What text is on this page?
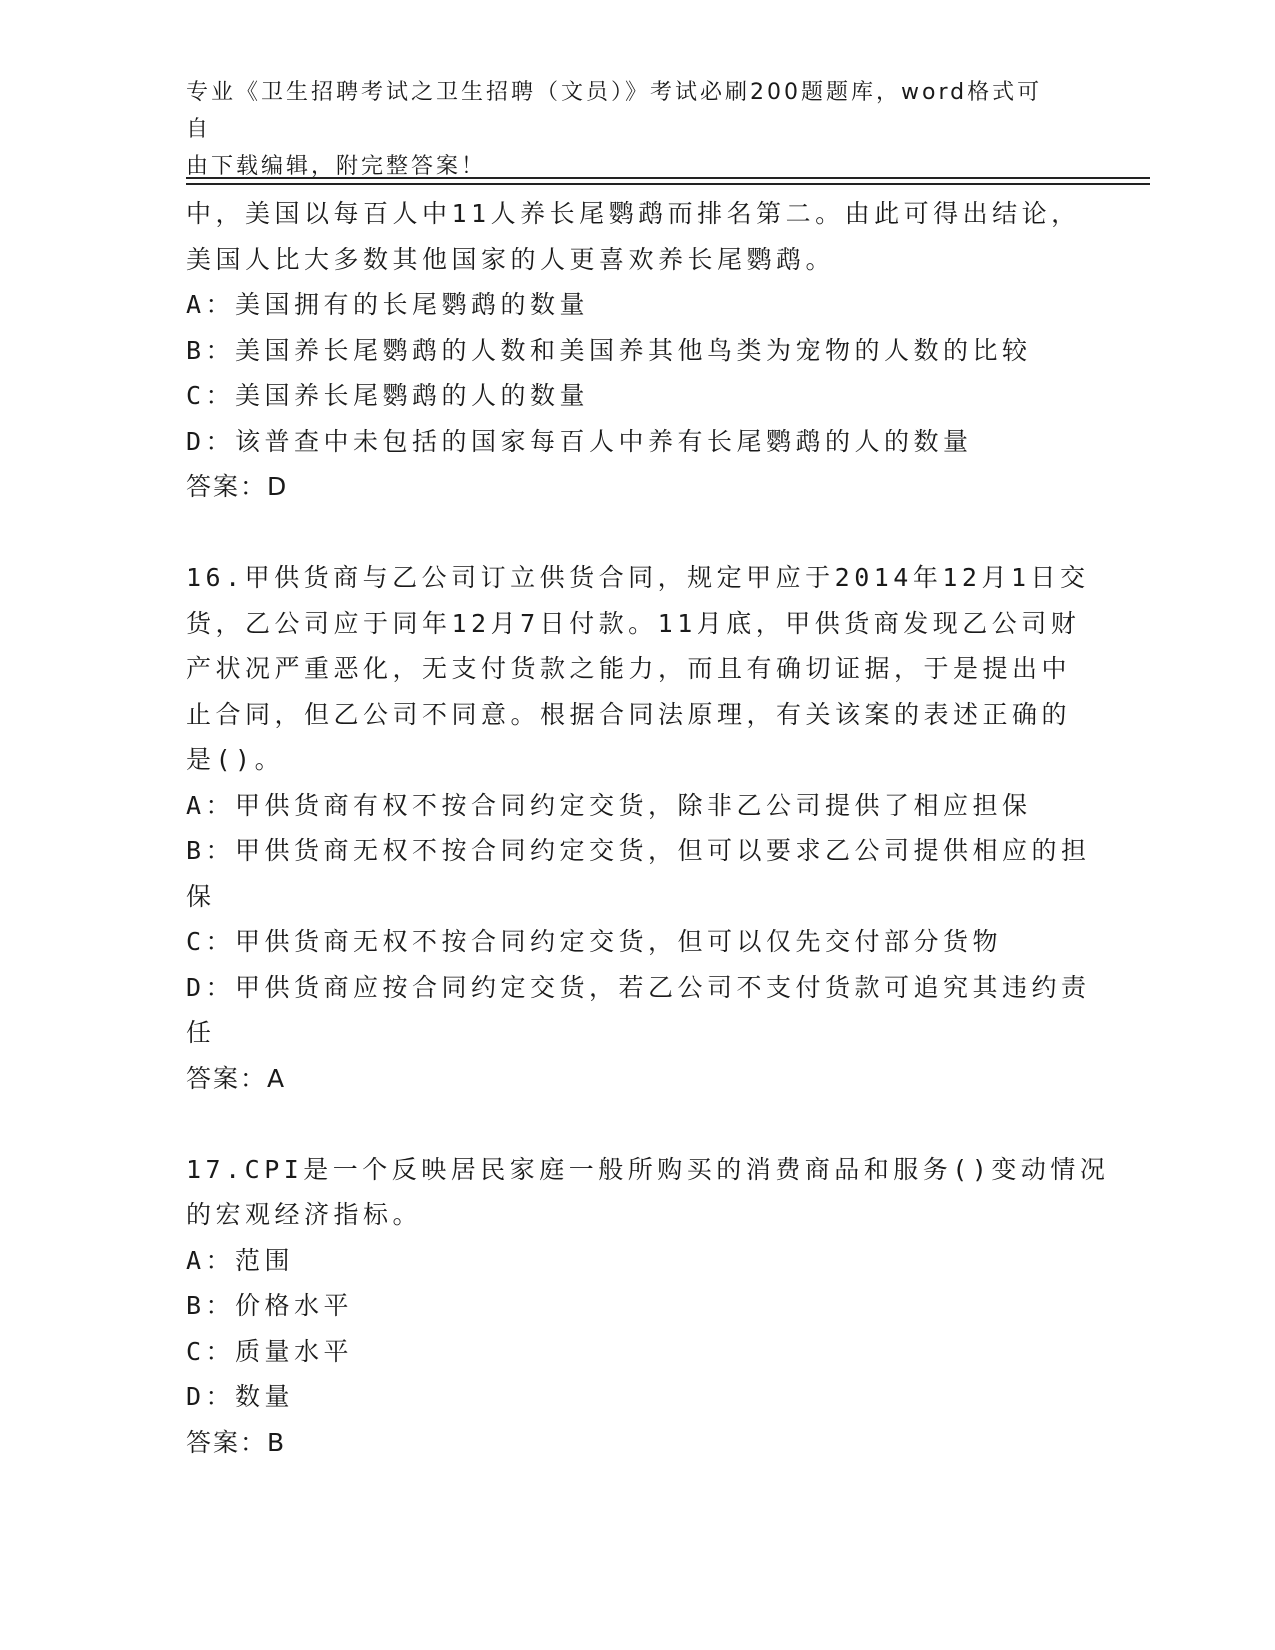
专业《卫生招聘考试之卫生招聘（文员）》考试必刷200题题库，word格式可自
由下载编辑，附完整答案！
中，美国以每百人中11人养长尾鹦鹉而排名第二。由此可得出结论，
美国人比大多数其他国家的人更喜欢养长尾鹦鹉。
A：美国拥有的长尾鹦鹉的数量
B：美国养长尾鹦鹉的人数和美国养其他鸟类为宠物的人数的比较
C：美国养长尾鹦鹉的人的数量
D：该普查中未包括的国家每百人中养有长尾鹦鹉的人的数量
答案：D
16.甲供货商与乙公司订立供货合同，规定甲应于2014年12月1日交
货，乙公司应于同年12月7日付款。11月底，甲供货商发现乙公司财
产状况严重恶化，无支付货款之能力，而且有确切证据，于是提出中
止合同，但乙公司不同意。根据合同法原理，有关该案的表述正确的
是()。
A：甲供货商有权不按合同约定交货，除非乙公司提供了相应担保
B：甲供货商无权不按合同约定交货，但可以要求乙公司提供相应的担
保
C：甲供货商无权不按合同约定交货，但可以仅先交付部分货物
D：甲供货商应按合同约定交货，若乙公司不支付货款可追究其违约责
任
答案：A
17.CPI是一个反映居民家庭一般所购买的消费商品和服务()变动情况
的宏观经济指标。
A：范围
B：价格水平
C：质量水平
D：数量
答案：B
